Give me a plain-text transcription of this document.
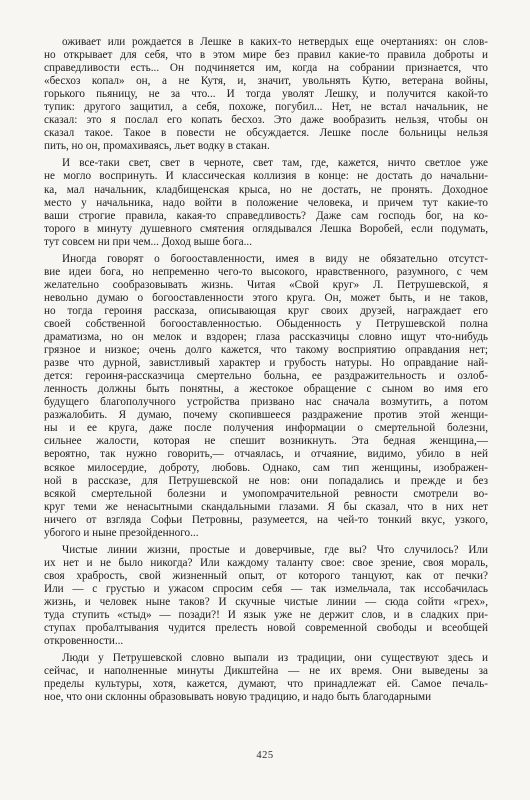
оживает или рождается в Лешке в каких-то нетвердых еще очертаниях: он слов-
но открывает для себя, что в этом мире без правил какие-то правила доброты и
справедливости есть... Он подчиняется им, когда на собрании признается, что
«бесхоз копал» он, а не Кутя, и, значит, увольнять Кутю, ветерана войны,
горького пьяницу, не за что... И тогда уволят Лешку, и получится какой-то
тупик: другого защитил, а себя, похоже, погубил... Нет, не встал начальник, не
сказал: это я послал его копать бесхоз. Это даже вообразить нельзя, чтобы он
сказал такое. Такое в повести не обсуждается. Лешке после больницы нельзя
пить, но он, промахиваясь, льет водку в стакан.
И все-таки свет, свет в черноте, свет там, где, кажется, ничто светлое уже
не могло воспринуть. И классическая коллизия в конце: не достать до начальни-
ка, мал начальник, кладбищенская крыса, но не достать, не пронять. Доходное
место у начальника, надо войти в положение человека, и причем тут какие-то
ваши строгие правила, какая-то справедливость? Даже сам господь бог, на ко-
торого в минуту душевного смятения оглядывался Лешка Воробей, если подумать,
тут совсем ни при чем... Доход выше бога...
Иногда говорят о богооставленности, имея в виду не обязательно отсутст-
вие идеи бога, но непременно чего-то высокого, нравственного, разумного, с чем
желательно сообразовывать жизнь. Читая «Свой круг» Л. Петрушевской, я
невольно думаю о богооставленности этого круга. Он, может быть, и не таков,
но тогда героиня рассказа, описывающая круг своих друзей, награждает его
своей собственной богооставленностью. Обыденность у Петрушевской полна
драматизма, но он мелок и вздорен; глаза рассказчицы словно ищут что-нибудь
грязное и низкое; очень долго кажется, что такому восприятию оправдания нет;
разве что дурной, завистливый характер и грубость натуры. Но оправдание най-
дется: героиня-рассказчица смертельно больна, ее раздражительность и озлоб-
ленность должны быть понятны, а жестокое обращение с сыном во имя его
будущего благополучного устройства призвано нас сначала возмутить, а потом
разжалобить. Я думаю, почему скопившееся раздражение против этой женщи-
ны и ее круга, даже после получения информации о смертельной болезни,
сильнее жалости, которая не спешит возникнуть. Эта бедная женщина,—
вероятно, так нужно говорить,— отчаялась, и отчаяние, видимо, убило в ней
всякое милосердие, доброту, любовь. Однако, сам тип женщины, изображен-
ной в рассказе, для Петрушевской не нов: они попадались и прежде и без
всякой смертельной болезни и умопомрачительной ревности смотрели во-
круг теми же ненасытными скандальными глазами. Я бы сказал, что в них нет
ничего от взгляда Софьи Петровны, разумеется, на чей-то тонкий вкус, узкого,
убогого и ныне презойденного...
Чистые линии жизни, простые и доверчивые, где вы? Что случилось? Или
их нет и не было никогда? Или каждому таланту свое: свое зрение, своя мораль,
своя храбрость, свой жизненный опыт, от которого танцуют, как от печки?
Или — с грустью и ужасом спросим себя — так измельчала, так иссобачилась
жизнь, и человек ныне таков? И скучные чистые линии — сюда сойти «грех»,
туда ступить «стыд» — позади?! И язык уже не держит слов, и в сладких при-
ступах пробалтывания чудится прелесть новой современной свободы и всеобщей
откровенности...
Люди у Петрушевской словно выпали из традиции, они существуют здесь и
сейчас, и наполненные минуты Дикштейна — не их время. Они выведены за
пределы культуры, хотя, кажется, думают, что принадлежат ей. Самое печаль-
ное, что они склонны образовывать новую традицию, и надо быть благодарными
425
